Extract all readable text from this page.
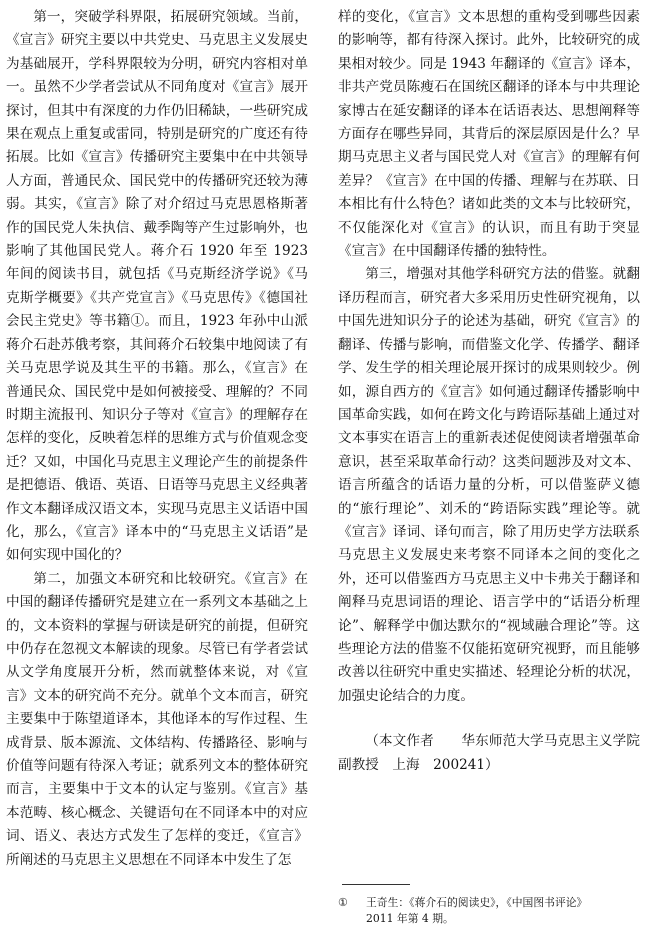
第一，突破学科界限，拓展研究领域。当前，《宣言》研究主要以中共党史、马克思主义发展史为基础展开，学科界限较为分明，研究内容相对单一。虽然不少学者尝试从不同角度对《宣言》展开探讨，但其中有深度的力作仍旧稀缺，一些研究成果在观点上重复或雷同，特别是研究的广度还有待拓展。比如《宣言》传播研究主要集中在中共领导人方面，普通民众、国民党中的传播研究还较为薄弱。其实，《宣言》除了对介绍过马克思恩格斯著作的国民党人朱执信、戴季陶等产生过影响外，也影响了其他国民党人。蒋介石 1920 年至 1923 年间的阅读书目，就包括《马克斯经济学说》《马克斯学概要》《共产党宣言》《马克思传》《德国社会民主党史》等书籍①。而且，1923 年孙中山派蒋介石赴苏俄考察，其间蒋介石较集中地阅读了有关马克思学说及其生平的书籍。那么，《宣言》在普通民众、国民党中是如何被接受、理解的？不同时期主流报刊、知识分子等对《宣言》的理解存在怎样的变化，反映着怎样的思维方式与价值观念变迁？又如，中国化马克思主义理论产生的前提条件是把德语、俄语、英语、日语等马克思主义经典著作文本翻译成汉语文本，实现马克思主义话语中国化，那么，《宣言》译本中的“马克思主义话语”是如何实现中国化的？

第二，加强文本研究和比较研究。《宣言》在中国的翻译传播研究是建立在一系列文本基础之上的，文本资料的掌握与研读是研究的前提，但研究中仍存在忽视文本解读的现象。尽管已有学者尝试从文学角度展开分析，然而就整体来说，对《宣言》文本的研究尚不充分。就单个文本而言，研究主要集中于陈望道译本，其他译本的写作过程、生成背景、版本源流、文体结构、传播路径、影响与价值等问题有待深入考证；就系列文本的整体研究而言，主要集中于文本的认定与鉴别。《宣言》基本范畴、核心概念、关键语句在不同译本中的对应词、语义、表达方式发生了怎样的变迁，《宣言》所阐述的马克思主义思想在不同译本中发生了怎

样的变化，《宣言》文本思想的重构受到哪些因素的影响等，都有待深入探讨。此外，比较研究的成果相对较少。同是 1943 年翻译的《宣言》译本，非共产党员陈瘦石在国统区翻译的译本与中共理论家博古在延安翻译的译本在话语表达、思想阐释等方面存在哪些异同，其背后的深层原因是什么？早期马克思主义者与国民党人对《宣言》的理解有何差异？《宣言》在中国的传播、理解与在苏联、日本相比有什么特色？诸如此类的文本与比较研究，不仅能深化对《宣言》的认识，而且有助于突显《宣言》在中国翻译传播的独特性。

第三，增强对其他学科研究方法的借鉴。就翻译历程而言，研究者大多采用历史性研究视角，以中国先进知识分子的论述为基础，研究《宣言》的翻译、传播与影响，而借鉴文化学、传播学、翻译学、发生学的相关理论展开探讨的成果则较少。例如，源自西方的《宣言》如何通过翻译传播影响中国革命实践，如何在跨文化与跨语际基础上通过对文本事实在语言上的重新表述促使阅读者增强革命意识，甚至采取革命行动？这类问题涉及对文本、语言所蕴含的话语力量的分析，可以借鉴萨义德的“旅行理论”、刘禾的“跨语际实践”理论等。就《宣言》译词、译句而言，除了用历史学方法联系马克思主义发展史来考察不同译本之间的变化之外，还可以借鉴西方马克思主义中卡弗关于翻译和阐释马克思词语的理论、语言学中的“话语分析理论”、解释学中伽达默尔的“视域融合理论”等。这些理论方法的借鉴不仅能拓宽研究视野，而且能够改善以往研究中重史实描述、轻理论分析的状况，加强史论结合的力度。

（本文作者　　华东师范大学马克思主义学院副教授　上海　200241）

① 王奇生：《蒋介石的阅读史》，《中国图书评论》
2011 年第 4 期。
